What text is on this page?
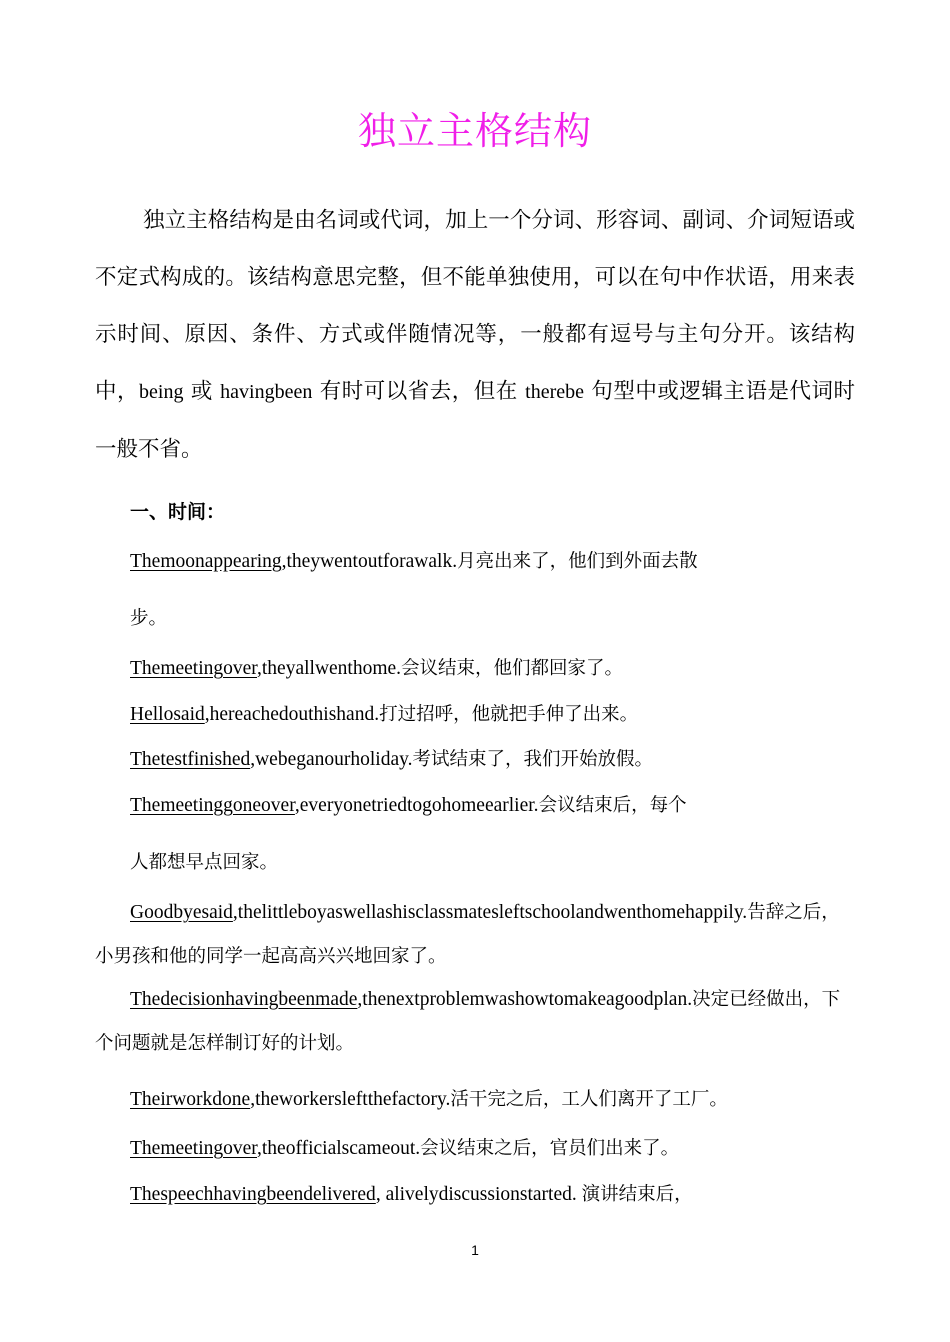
独立主格结构
独立主格结构是由名词或代词，加上一个分词、形容词、副词、介词短语或不定式构成的。该结构意思完整，但不能单独使用，可以在句中作状语，用来表示时间、原因、条件、方式或伴随情况等，一般都有逗号与主句分开。该结构中，being 或 havingbeen 有时可以省去，但在 therebe 句型中或逻辑主语是代词时一般不省。
一、时间：
Themoonappearing,theywentoutforawalk.月亮出来了，他们到外面去散
步。
Themeetingover,theyallwenthome.会议结束，他们都回家了。
Hellosaid,hereachedouthishand.打过招呼，他就把手伸了出来。
Thetestfinished,webeganourholiday.考试结束了，我们开始放假。
Themeetinggoneover,everyonetriedtogohomeearlier.会议结束后，每个
人都想早点回家。
Goodbyesaid,thelittleboyaswellashisclassmatesleftschoolandwenthomehappily.告辞之后，小男孩和他的同学一起高高兴兴地回家了。
Thedecisionhavingbeenmade,thenextproblemwashowtomakeagoodplan.决定已经做出，下个问题就是怎样制订好的计划。
Theirworkdone,theworkersleftthefactory.活干完之后，工人们离开了工厂。
Themeetingover,theofficialscameout.会议结束之后，官员们出来了。
Thespeechhavingbeendelivered, alivelydiscussionstarted. 演讲结束后，
1
